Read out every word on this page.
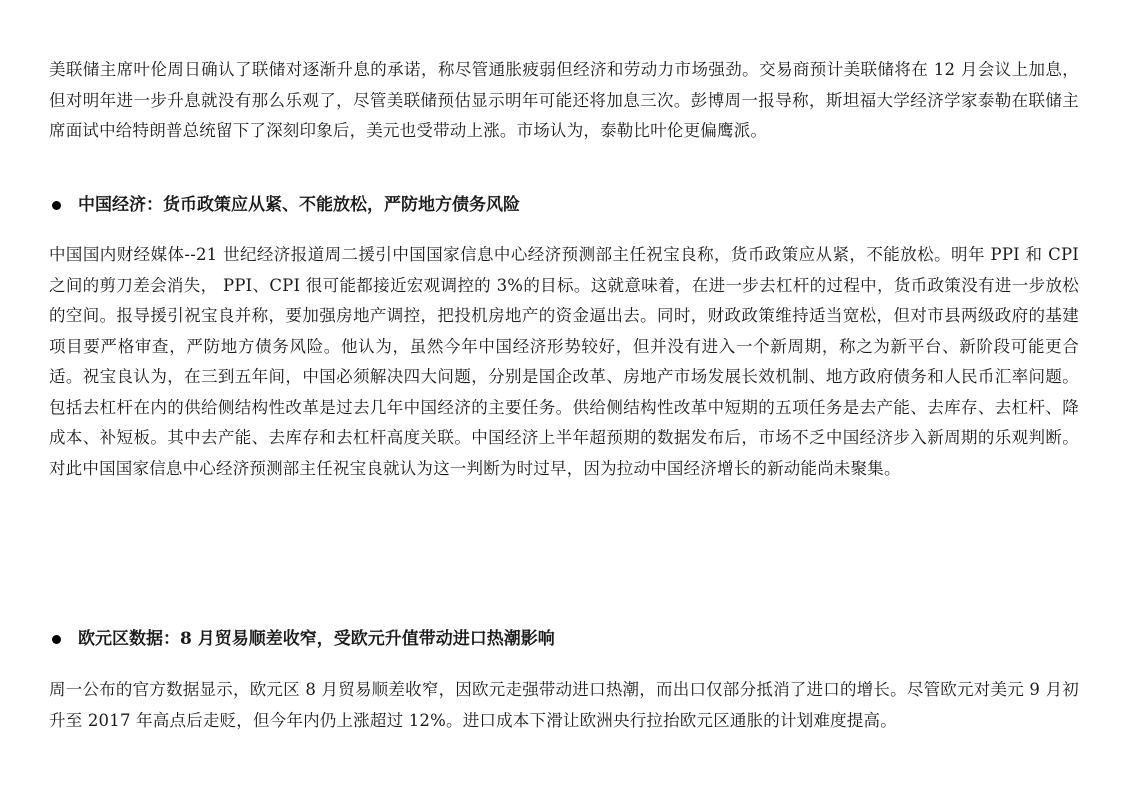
美联储主席叶伦周日确认了联储对逐渐升息的承诺，称尽管通胀疲弱但经济和劳动力市场强劲。交易商预计美联储将在 12 月会议上加息，但对明年进一步升息就没有那么乐观了，尽管美联储预估显示明年可能还将加息三次。彭博周一报导称，斯坦福大学经济学家泰勒在联储主席面试中给特朗普总统留下了深刻印象后，美元也受带动上涨。市场认为，泰勒比叶伦更偏鹰派。

中国经济：货币政策应从紧、不能放松，严防地方债务风险

中国国内财经媒体--21 世纪经济报道周二援引中国国家信息中心经济预测部主任祝宝良称，货币政策应从紧，不能放松。明年 PPI 和 CPI 之间的剪刀差会消失， PPI、CPI 很可能都接近宏观调控的 3%的目标。这就意味着，在进一步去杠杆的过程中，货币政策没有进一步放松的空间。报导援引祝宝良并称，要加强房地产调控，把投机房地产的资金逼出去。同时，财政政策维持适当宽松，但对市县两级政府的基建项目要严格审查，严防地方债务风险。他认为，虽然今年中国经济形势较好，但并没有进入一个新周期，称之为新平台、新阶段可能更合适。祝宝良认为，在三到五年间，中国必须解决四大问题，分别是国企改革、房地产市场发展长效机制、地方政府债务和人民币汇率问题。包括去杠杆在内的供给侧结构性改革是过去几年中国经济的主要任务。供给侧结构性改革中短期的五项任务是去产能、去库存、去杠杆、降成本、补短板。其中去产能、去库存和去杠杆高度关联。中国经济上半年超预期的数据发布后，市场不乏中国经济步入新周期的乐观判断。对此中国国家信息中心经济预测部主任祝宝良就认为这一判断为时过早，因为拉动中国经济增长的新动能尚未聚集。

欧元区数据：8 月贸易顺差收窄，受欧元升值带动进口热潮影响

周一公布的官方数据显示，欧元区 8 月贸易顺差收窄，因欧元走强带动进口热潮，而出口仅部分抵消了进口的增长。尽管欧元对美元 9 月初升至 2017 年高点后走贬，但今年内仍上涨超过 12%。进口成本下滑让欧洲央行拉抬欧元区通胀的计划难度提高。
